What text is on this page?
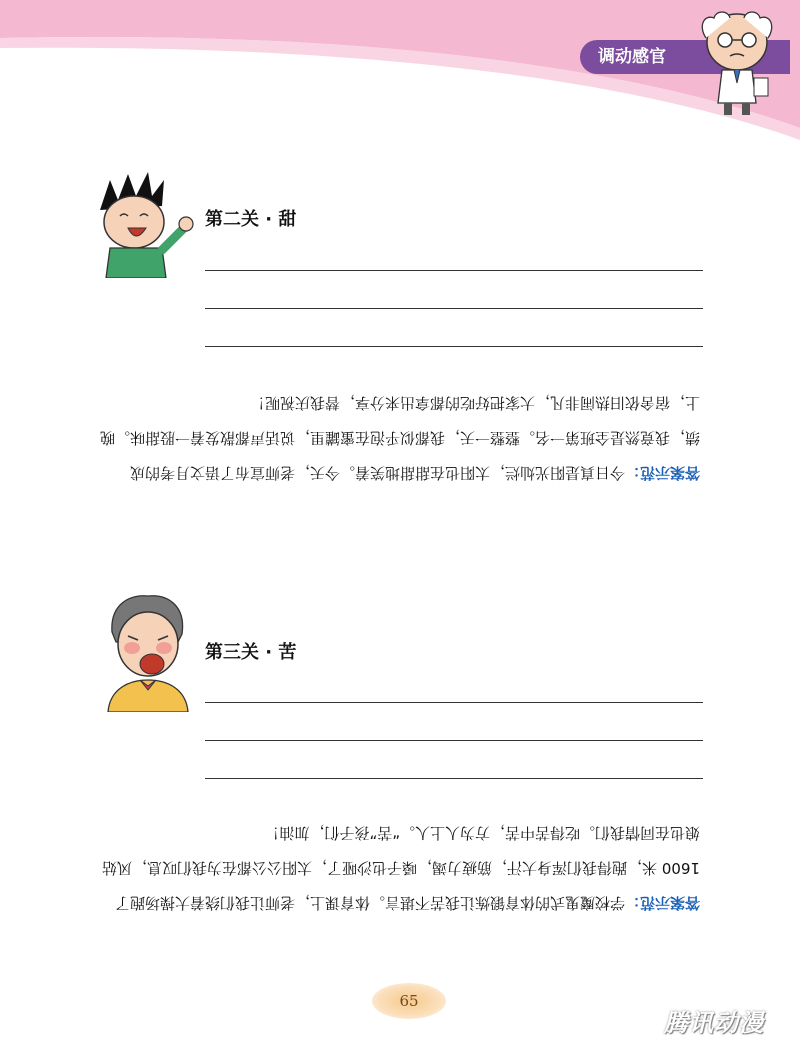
调动感官
第二关 · 甜
答案示范：今日真是阳光灿烂，太阳也在甜甜地笑着。今天，老师宣布了语文月考的成绩，我竟然是全班第一名。整整一天，我都似乎泡在蜜罐里，说话声都散发着一股甜味。晚上，宿舍依旧热闹非凡，大家把好吃的都拿出来分享，替我庆祝呢！
第三关 · 苦
答案示范：学校魔鬼式的体育锻炼让我苦不堪言。体育课上，老师让我们绕着大操场跑了 1600 米，跑得我们浑身大汗，筋疲力竭，嗓子也沙哑了，太阳公公都在为我们叹息，风姑娘也在同情我们。吃得苦中苦，方为人上人。“苦”孩子们，加油！
65
腾讯动漫
